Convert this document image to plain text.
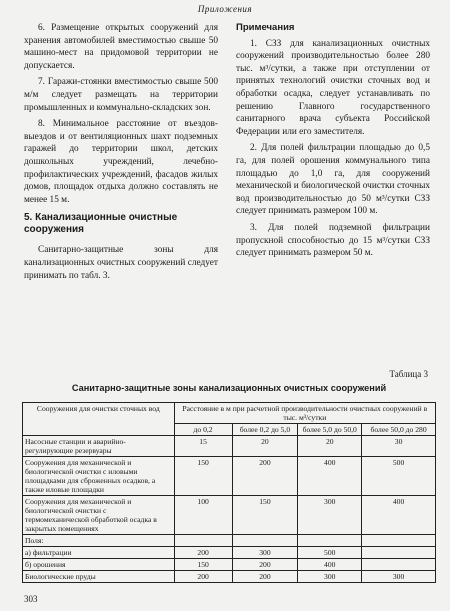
Приложения

6. Размещение открытых сооружений для хранения автомобилей вместимостью свыше 50 машино-мест на придомовой территории не допускается.

7. Гаражи-стоянки вместимостью свыше 500 м/м следует размещать на территории промышленных и коммунально-складских зон.

8. Минимальное расстояние от въездов-выездов и от вентиляционных шахт подземных гаражей до территории школ, детских дошкольных учреждений, лечебно-профилактических учреждений, фасадов жилых домов, площадок отдыха должно составлять не менее 15 м.

5. Канализационные очистные сооружения

Санитарно-защитные зоны для канализационных очистных сооружений следует принимать по табл. 3.

Примечания

1. СЗЗ для канализационных очистных сооружений производительностью более 280 тыс. м³/сутки, а также при отступлении от принятых технологий очистки сточных вод и обработки осадка, следует устанавливать по решению Главного государственного санитарного врача субъекта Российской Федерации или его заместителя.

2. Для полей фильтрации площадью до 0,5 га, для полей орошения коммунального типа площадью до 1,0 га, для сооружений механической и биологической очистки сточных вод производительностью до 50 м³/сутки СЗЗ следует принимать размером 100 м.

3. Для полей подземной фильтрации пропускной способностью до 15 м³/сутки СЗЗ следует принимать размером 50 м.

Таблица 3
Санитарно-защитные зоны канализационных очистных сооружений
Сооружения для очистки сточных вод	Расстояние в м при расчетной производительности очистных сооружений в тыс. м³/сутки			
	до 0,2	более 0,2 до 5,0	более 5,0 до 50,0	более 50,0 до 280
Насосные станции и аварийно-регулирующие резервуары	15	20	20	30
Сооружения для механической и биологической очистки с иловыми площадками для сброженных осадков, а также иловые площадки	150	200	400	500
Сооружения для механической и биологической очистки с термомеханической обработкой осадка в закрытых помещениях	100	150	300	400
Поля:				
а) фильтрации	200	300	500	
б) орошения	150	200	400	
Биологические пруды	200	200	300	300
303
